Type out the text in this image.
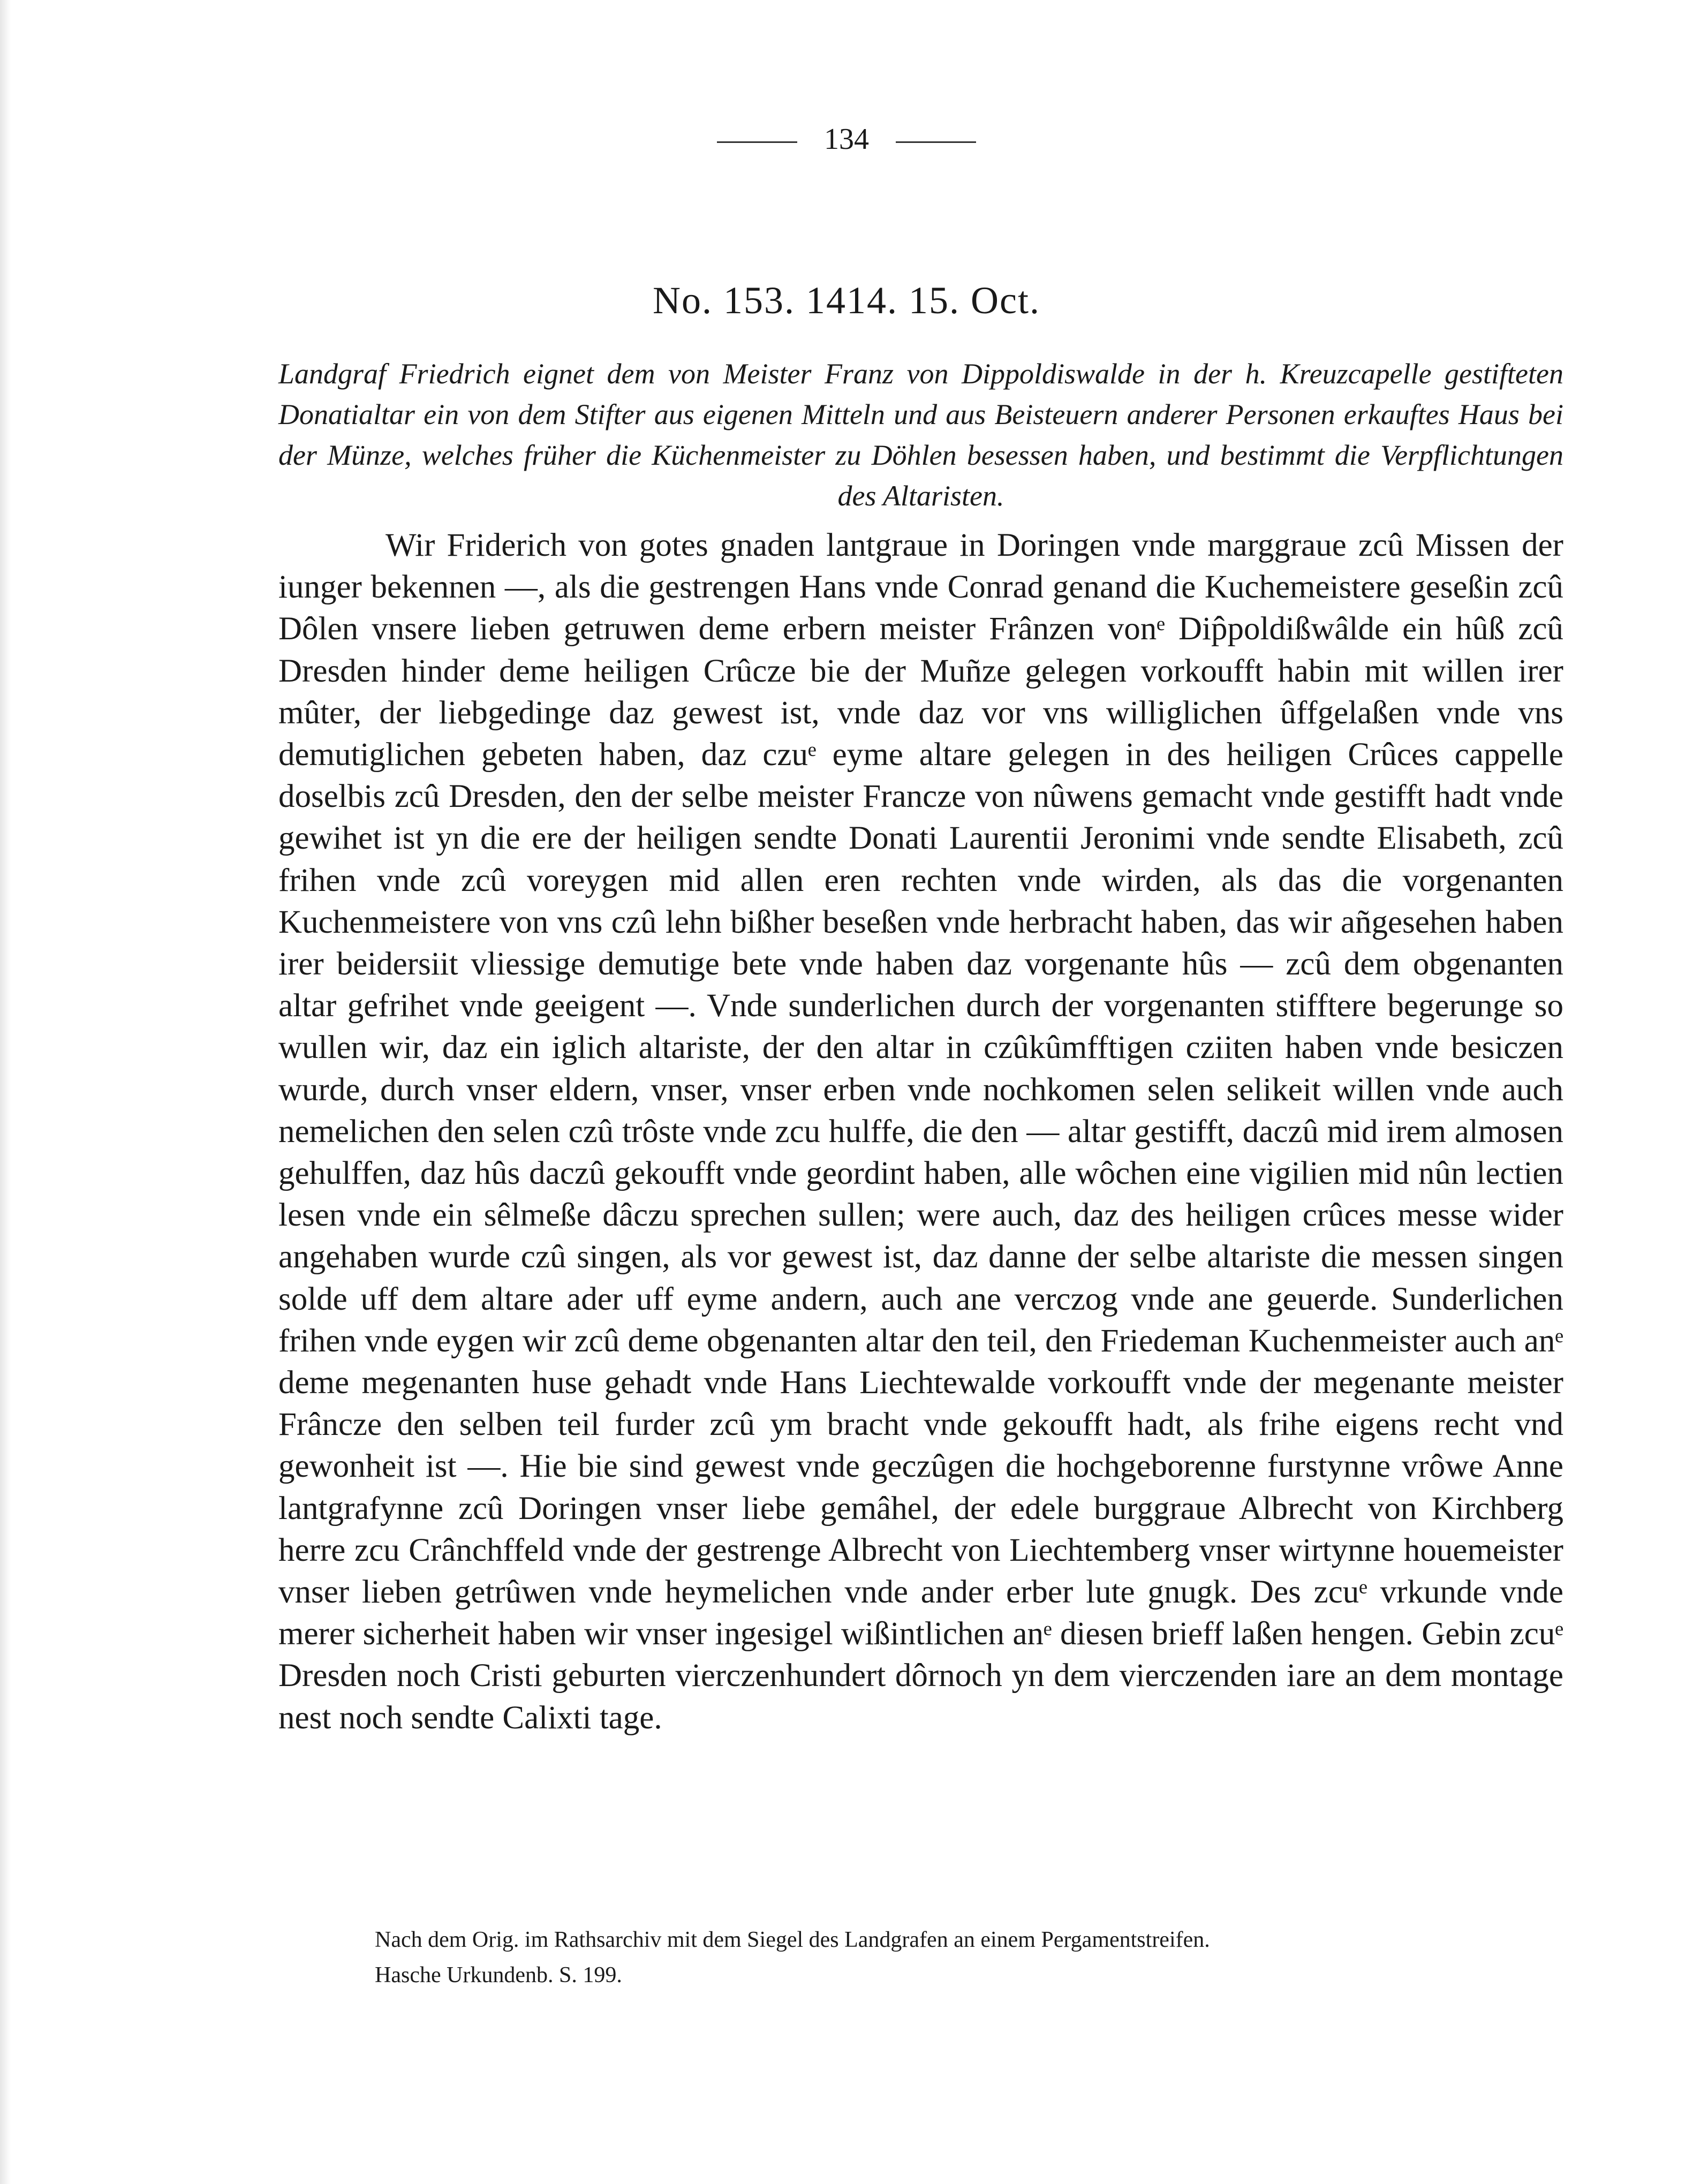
134
No. 153. 1414. 15. Oct.
Landgraf Friedrich eignet dem von Meister Franz von Dippoldiswalde in der h. Kreuzcapelle gestifteten Donatialtar ein von dem Stifter aus eigenen Mitteln und aus Beisteuern anderer Personen erkauftes Haus bei der Münze, welches früher die Küchenmeister zu Döhlen besessen haben, und bestimmt die Verpflichtungen des Altaristen.
Wir Friderich von gotes gnaden lantgraue in Doringen vnde marggraue zcû Missen der iunger bekennen —, als die gestrengen Hans vnde Conrad genand die Kuchemeistere geseßin zcû Dôlen vnsere lieben getruwen deme erbern meister Frânzen vonᵉ Dip̂poldißwâlde ein hûß zcû Dresden hinder deme heiligen Crûcze bie der Muñze gelegen vorkoufft habin mit willen irer mûter, der liebgedinge daz gewest ist, vnde daz vor vns williglichen ûffgelaßen vnde vns demutiglichen gebeten haben, daz czuᵉ eyme altare gelegen in des heiligen Crûces cappelle doselbis zcû Dresden, den der selbe meister Francze von nûwens gemacht vnde gestifft hadt vnde gewihet ist yn die ere der heiligen sendte Donati Laurentii Jeronimi vnde sendte Elisabeth, zcû frihen vnde zcû voreygen mid allen eren rechten vnde wirden, als das die vorgenanten Kuchenmeistere von vns czû lehn bißher beseßen vnde herbracht haben, das wir añgesehen haben irer beidersiit vliessige demutige bete vnde haben daz vorgenante hûs — zcû dem obgenanten altar gefrihet vnde geeigent —. Vnde sunderlichen durch der vorgenanten stifftere begerunge so wullen wir, daz ein iglich altariste, der den altar in czûkûmfftigen cziiten haben vnde besiczen wurde, durch vnser eldern, vnser, vnser erben vnde nochkomen selen selikeit willen vnde auch nemelichen den selen czû trôste vnde zcu hulffe, die den — altar gestifft, daczû mid irem almosen gehulffen, daz hûs daczû gekoufft vnde geordint haben, alle wôchen eine vigilien mid nûn lectien lesen vnde ein sêlmeße dâczu sprechen sullen; were auch, daz des heiligen crûces messe wider angehaben wurde czû singen, als vor gewest ist, daz danne der selbe altariste die messen singen solde uff dem altare ader uff eyme andern, auch ane verczog vnde ane geuerde. Sunderlichen frihen vnde eygen wir zcû deme obgenanten altar den teil, den Friedeman Kuchenmeister auch anᵉ deme megenanten huse gehadt vnde Hans Liechtewalde vorkoufft vnde der megenante meister Frâncze den selben teil furder zcû ym bracht vnde gekoufft hadt, als frihe eigens recht vnd gewonheit ist —. Hie bie sind gewest vnde geczûgen die hochgeborenne furstynne vrôwe Anne lantgrafynne zcû Doringen vnser liebe gemâhel, der edele burggraue Albrecht von Kirchberg herre zcu Crânchffeld vnde der gestrenge Albrecht von Liechtemberg vnser wirtynne houemeister vnser lieben getrûwen vnde heymelichen vnde ander erber lute gnugk. Des zcuᵉ vrkunde vnde merer sicherheit haben wir vnser ingesigel wißintlichen anᵉ diesen brieff laßen hengen. Gebin zcuᵉ Dresden noch Cristi geburten vierczenhundert dôrnoch yn dem vierczenden iare an dem montage nest noch sendte Calixti tage.
Nach dem Orig. im Rathsarchiv mit dem Siegel des Landgrafen an einem Pergamentstreifen.
Hasche Urkundenb. S. 199.
